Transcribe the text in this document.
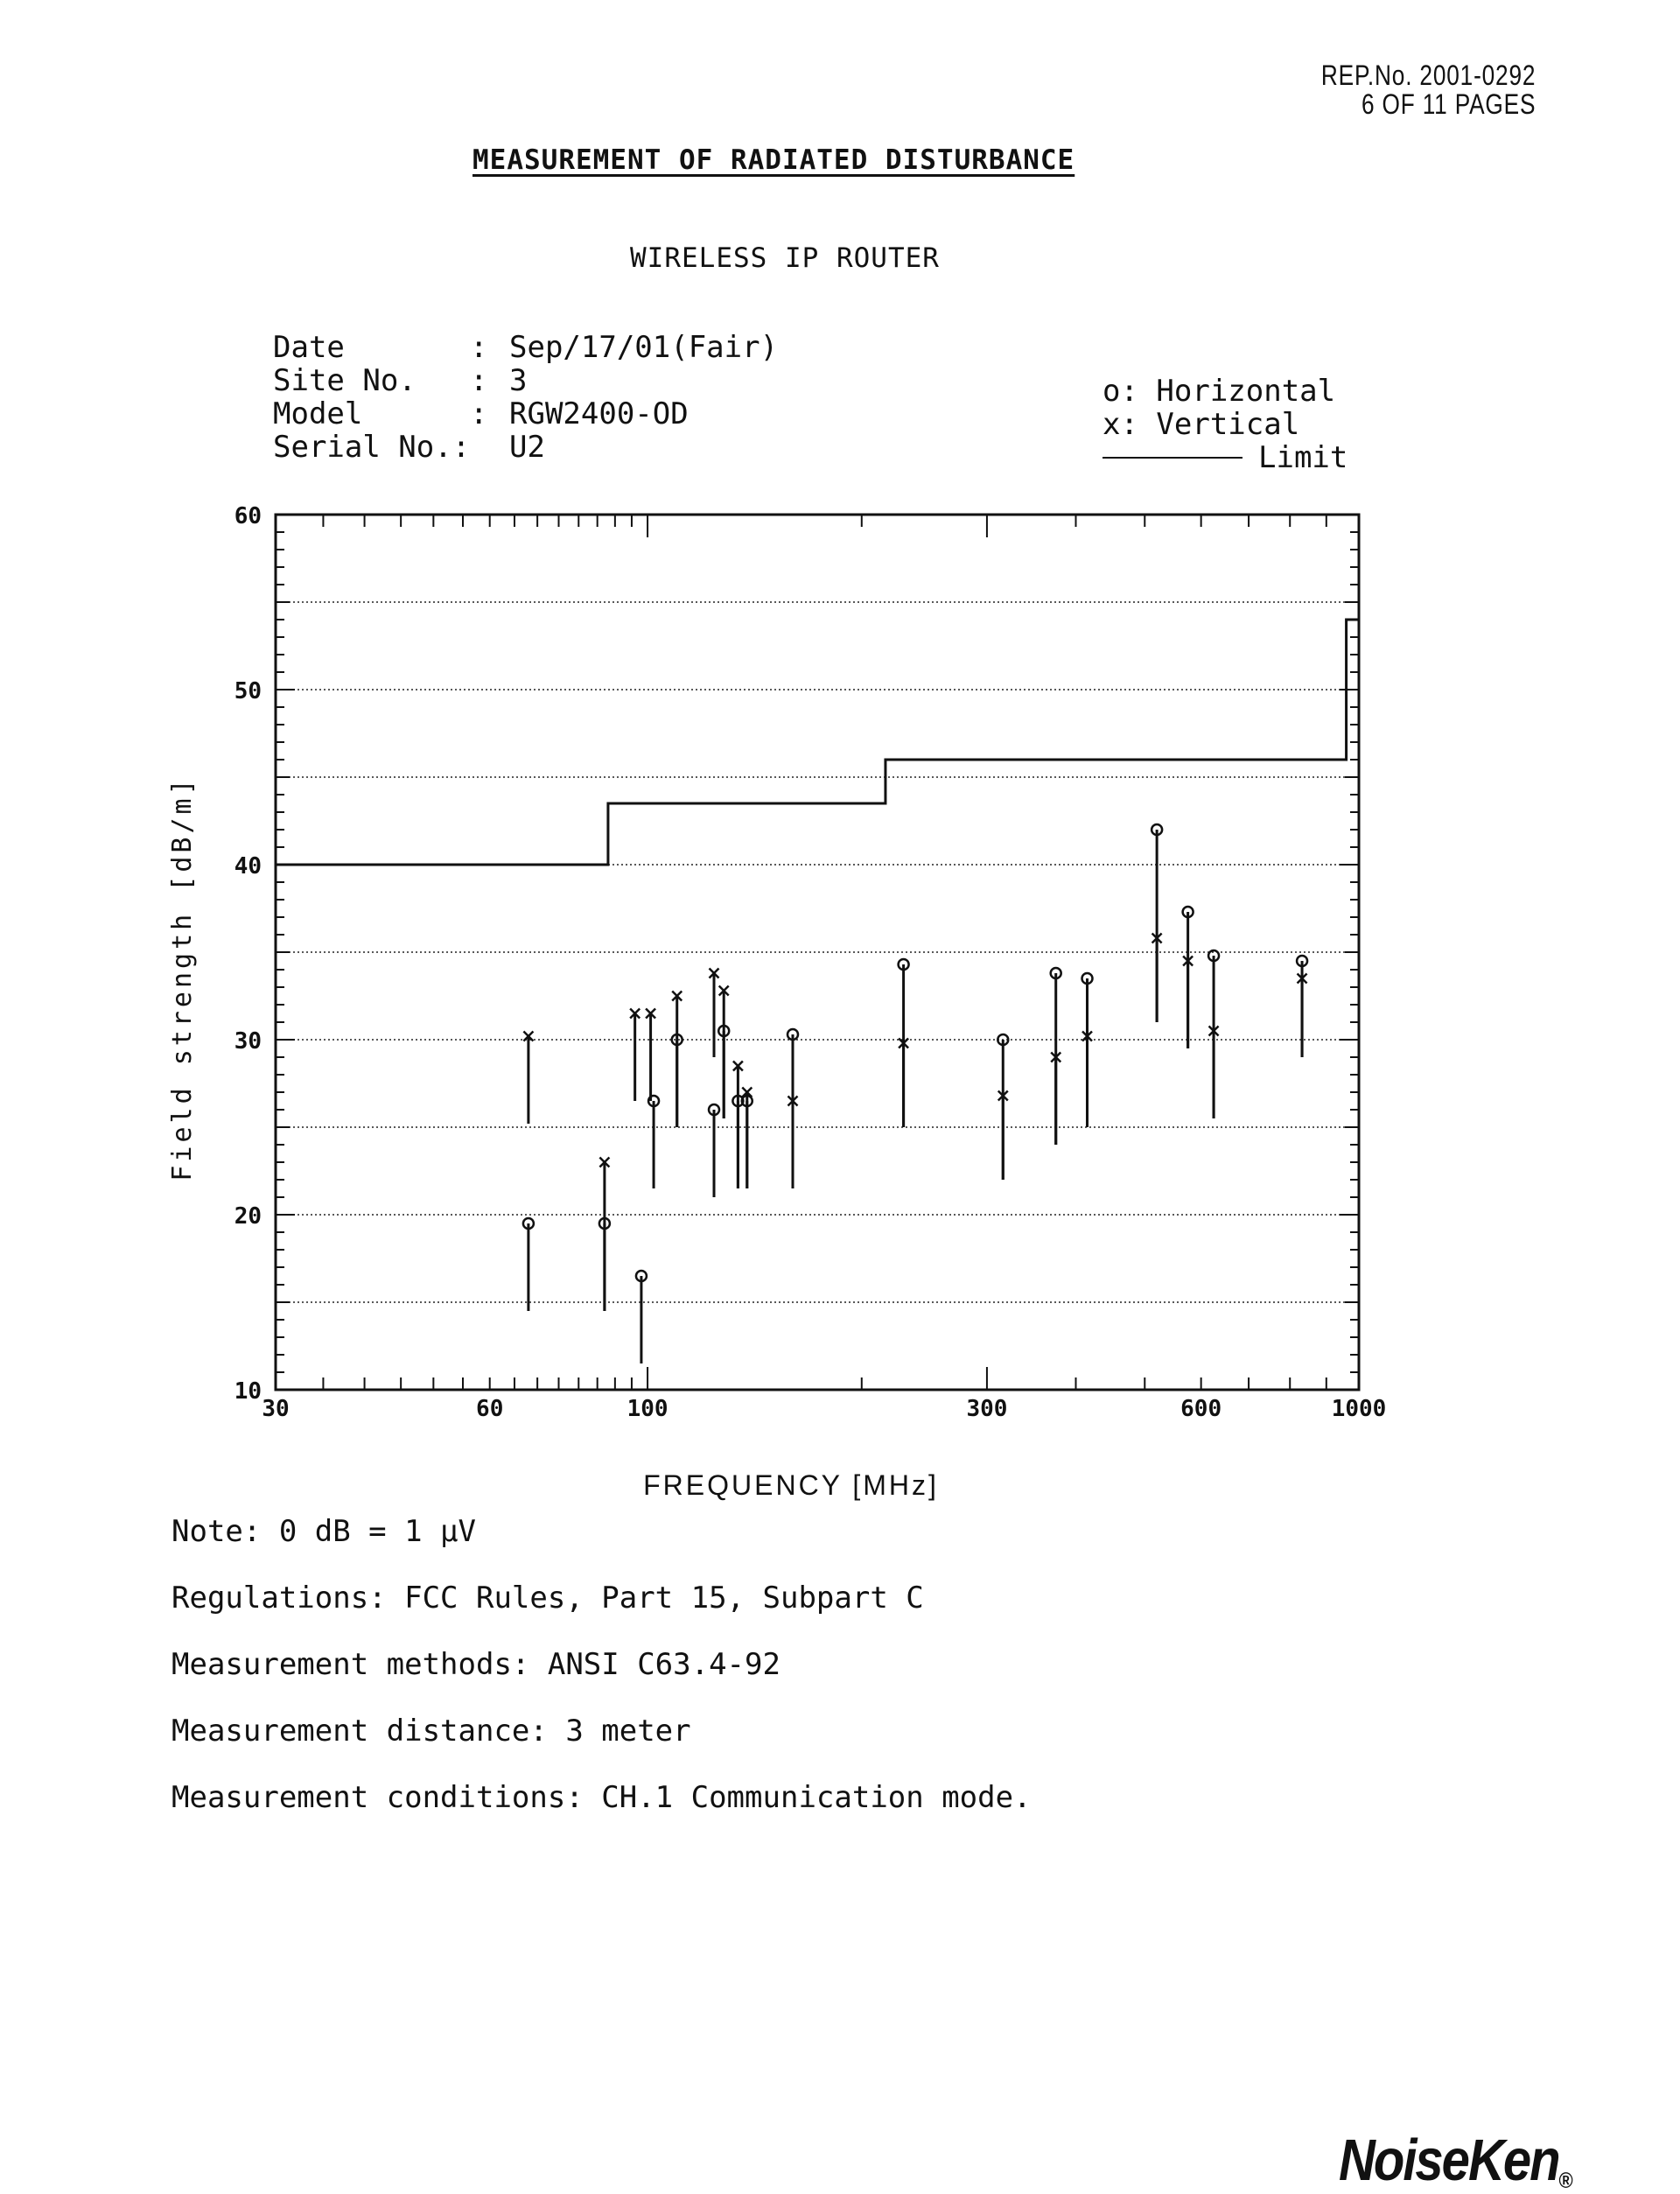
REP.No. 2001-0292
6 OF 11 PAGES
MEASUREMENT OF RADIATED DISTURBANCE
WIRELESS IP ROUTER
Date	: Sep/17/01(Fair)
Site No.	: 3
Model	: RGW2400-OD
Serial No.:	U2
o: Horizontal
x: Vertical
Limit
10
20
30
40
50
60
30	60	100	300	600	1000
FREQUENCY [MHz]
Field strength [dB/m]
Note: 0 dB = 1 µV
Regulations: FCC Rules, Part 15, Subpart C
Measurement methods: ANSI C63.4-92
Measurement distance: 3 meter
Measurement conditions: CH.1 Communication mode.
NoiseKen®
